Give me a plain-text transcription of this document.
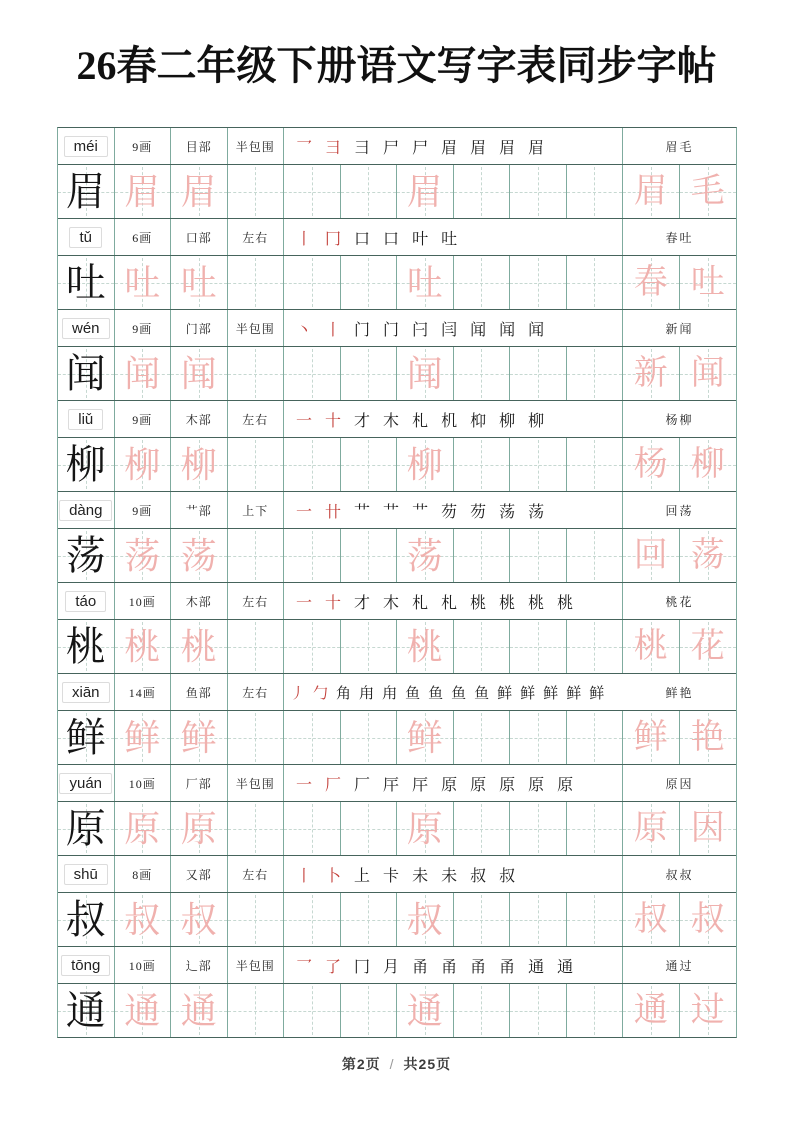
26春二年级下册语文写字表同步字帖
méi	9画	目部	半包围	乛 彐 彐 尸 尸 眉 眉 眉 眉	眉毛
眉 眉 眉	眉	眉 毛
tǔ	6画	口部	左右	丨 冂 口 口 叶 吐	春吐
吐 吐 吐	吐	春 吐
wén	9画	门部	半包围	丶 丨 门 门 闩 闫 闻 闻 闻	新闻
闻 闻 闻	闻	新 闻
liǔ	9画	木部	左右	一 十 才 木 札 机 枊 柳 柳	杨柳
柳 柳 柳	柳	杨 柳
dàng	9画	艹部	上下	一 卄 艹 艹 艹 芴 芴 荡 荡	回荡
荡 荡 荡	荡	回 荡
táo	10画	木部	左右	一 十 才 木 札 札 桃 桃 桃 桃	桃花
桃 桃 桃	桃	桃 花
xiān	14画	鱼部	左右	丿 勹 角 甪 甪 鱼 鱼 鱼 鱼 鲜 鲜 鲜 鲜 鲜	鲜艳
鲜 鲜 鲜	鲜	鲜 艳
yuán	10画	厂部	半包围	一 厂 厂 厈 厈 原 原 原 原 原	原因
原 原 原	原	原 因
shū	8画	又部	左右	丨 卜 上 卡 未 未 叔 叔	叔叔
叔 叔 叔	叔	叔 叔
tōng	10画	辶部	半包围	乛 了 冂 月 甬 甬 甬 甬 通 通	通过
通 通 通	通	通 过
第2页 / 共25页
